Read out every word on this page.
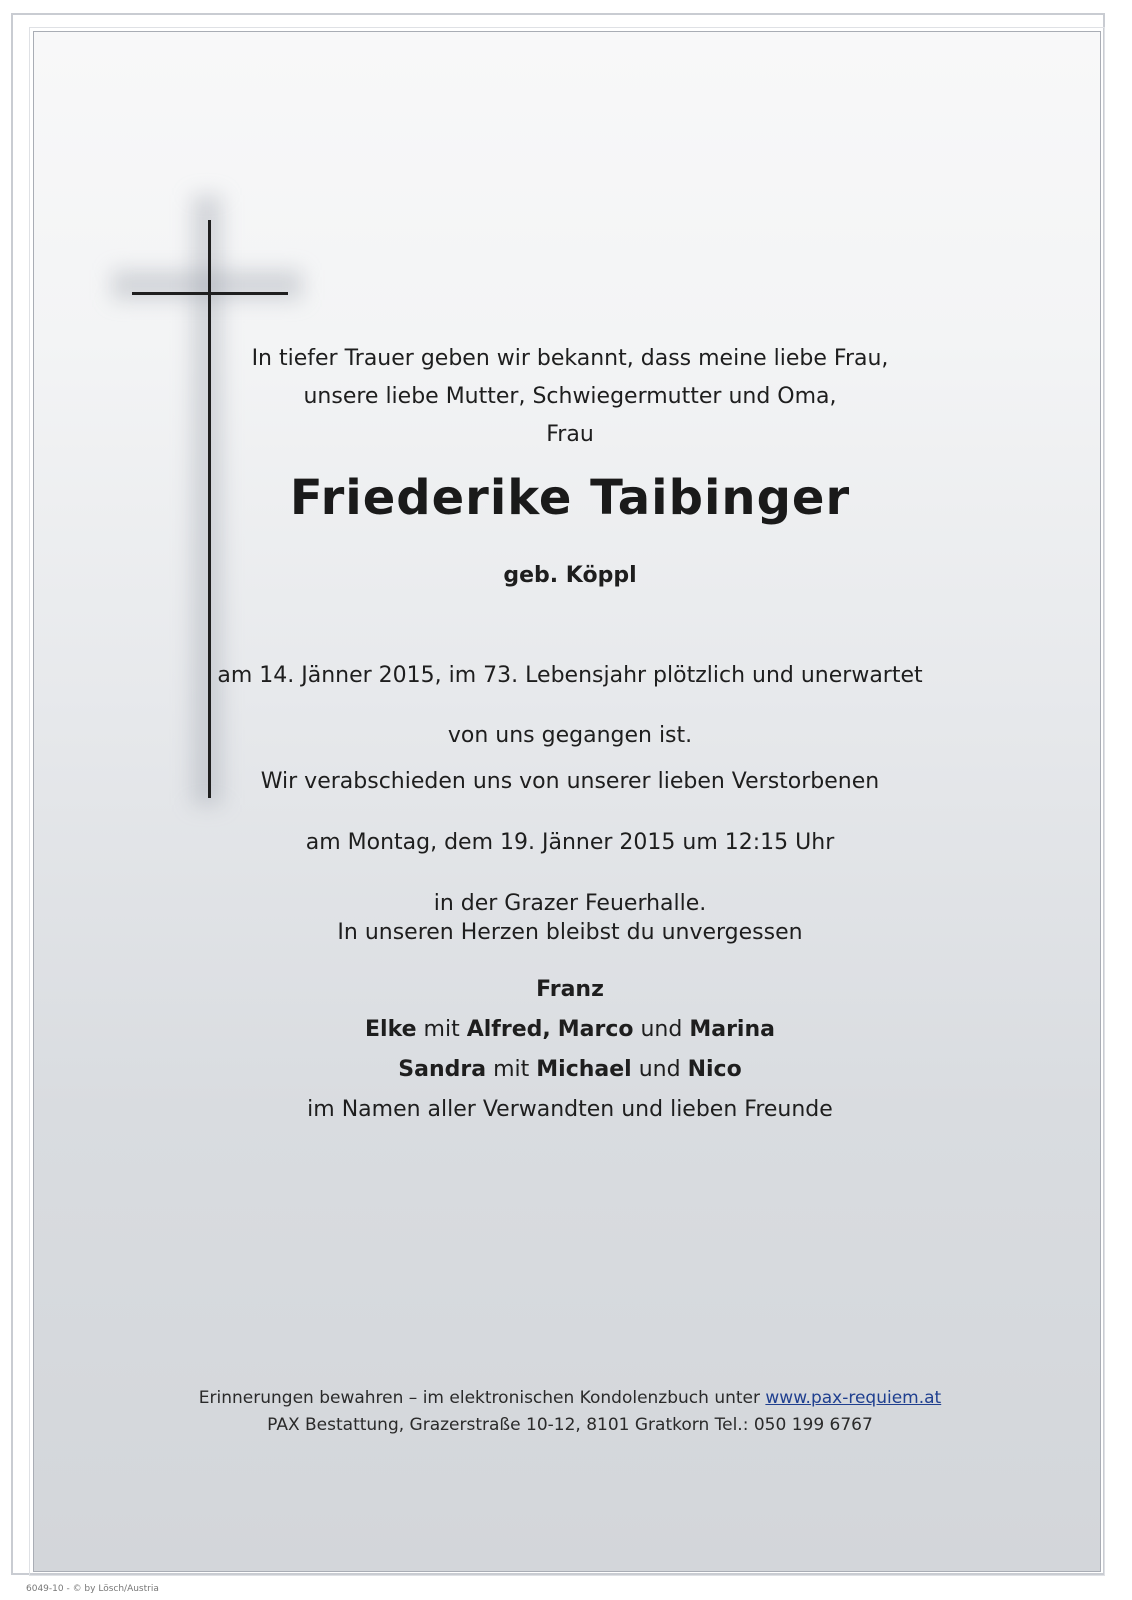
In tiefer Trauer geben wir bekannt, dass meine liebe Frau,

unsere liebe Mutter, Schwiegermutter und Oma,

Frau

Friederike Taibinger
geb. Köppl

am 14. Jänner 2015, im 73. Lebensjahr plötzlich und unerwartet

von uns gegangen ist.

Wir verabschieden uns von unserer lieben Verstorbenen

am Montag, dem 19. Jänner 2015 um 12:15 Uhr

in der Grazer Feuerhalle.

In unseren Herzen bleibst du unvergessen
Franz
Elke mit Alfred, Marco und Marina
Sandra mit Michael und Nico
im Namen aller Verwandten und lieben Freunde
Erinnerungen bewahren – im elektronischen Kondolenzbuch unter www.pax-requiem.at
PAX Bestattung, Grazerstraße 10-12, 8101 Gratkorn Tel.: 050 199 6767
6049-10 - © by Lösch/Austria
